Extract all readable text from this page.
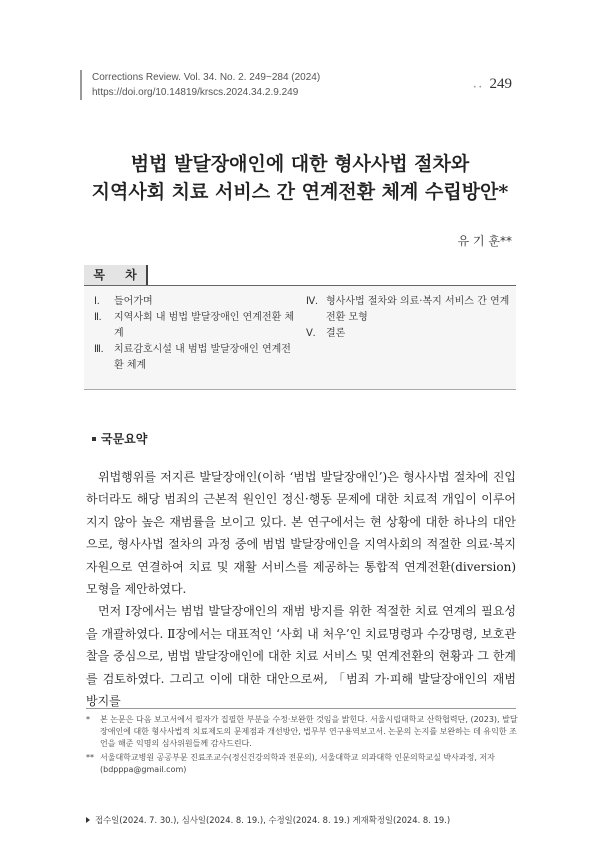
Corrections Review. Vol. 34. No. 2. 249~284 (2024)
https://doi.org/10.14819/krscs.2024.34.2.9.249	• • 249
범법 발달장애인에 대한 형사사법 절차와
지역사회 치료 서비스 간 연계전환 체계 수립방안*
유 기 훈**
목 차
Ⅰ.	들어가며
Ⅱ.	지역사회 내 범법 발달장애인 연계전환 체계
Ⅲ.	치료감호시설 내 범법 발달장애인 연계전환 체계
Ⅳ. 형사사법 절차와 의료·복지 서비스 간 연계전환 모형
Ⅴ.	결론
국문요약

위법행위를 저지른 발달장애인(이하 ‘범법 발달장애인’)은 형사사법 절차에 진입하더라도 해당 범죄의 근본적 원인인 정신·행동 문제에 대한 치료적 개입이 이루어지지 않아 높은 재범률을 보이고 있다. 본 연구에서는 현 상황에 대한 하나의 대안으로, 형사사법 절차의 과정 중에 범법 발달장애인을 지역사회의 적절한 의료·복지자원으로 연결하여 치료 및 재활 서비스를 제공하는 통합적 연계전환(diversion) 모형을 제안하였다.

먼저 Ⅰ장에서는 범법 발달장애인의 재범 방지를 위한 적절한 치료 연계의 필요성을 개괄하였다. Ⅱ장에서는 대표적인 ‘사회 내 처우’인 치료명령과 수강명령, 보호관찰을 중심으로, 범법 발달장애인에 대한 치료 서비스 및 연계전환의 현황과 그 한계를 검토하였다. 그리고 이에 대한 대안으로써, 「범죄 가·피해 발달장애인의 재범 방지를

*	본 논문은 다음 보고서에서 필자가 집필한 부분을 수정·보완한 것임을 밝힌다. 서울시립대학교 산학협력단, (2023), 발달장애인에 대한 형사사법적 치료제도의 문제점과 개선방안, 법무부 연구용역보고서. 논문의 논지를 보완하는 데 유익한 조언을 해준 익명의 심사위원들께 감사드린다.
** 서울대학교병원 공공부문 진료조교수(정신건강의학과 전문의), 서울대학교 의과대학 인문의학교실 박사과정, 저자(bdpppa@gmail.com)
접수일(2024. 7. 30.), 심사일(2024. 8. 19.), 수정일(2024. 8. 19.) 게재확정일(2024. 8. 19.)
